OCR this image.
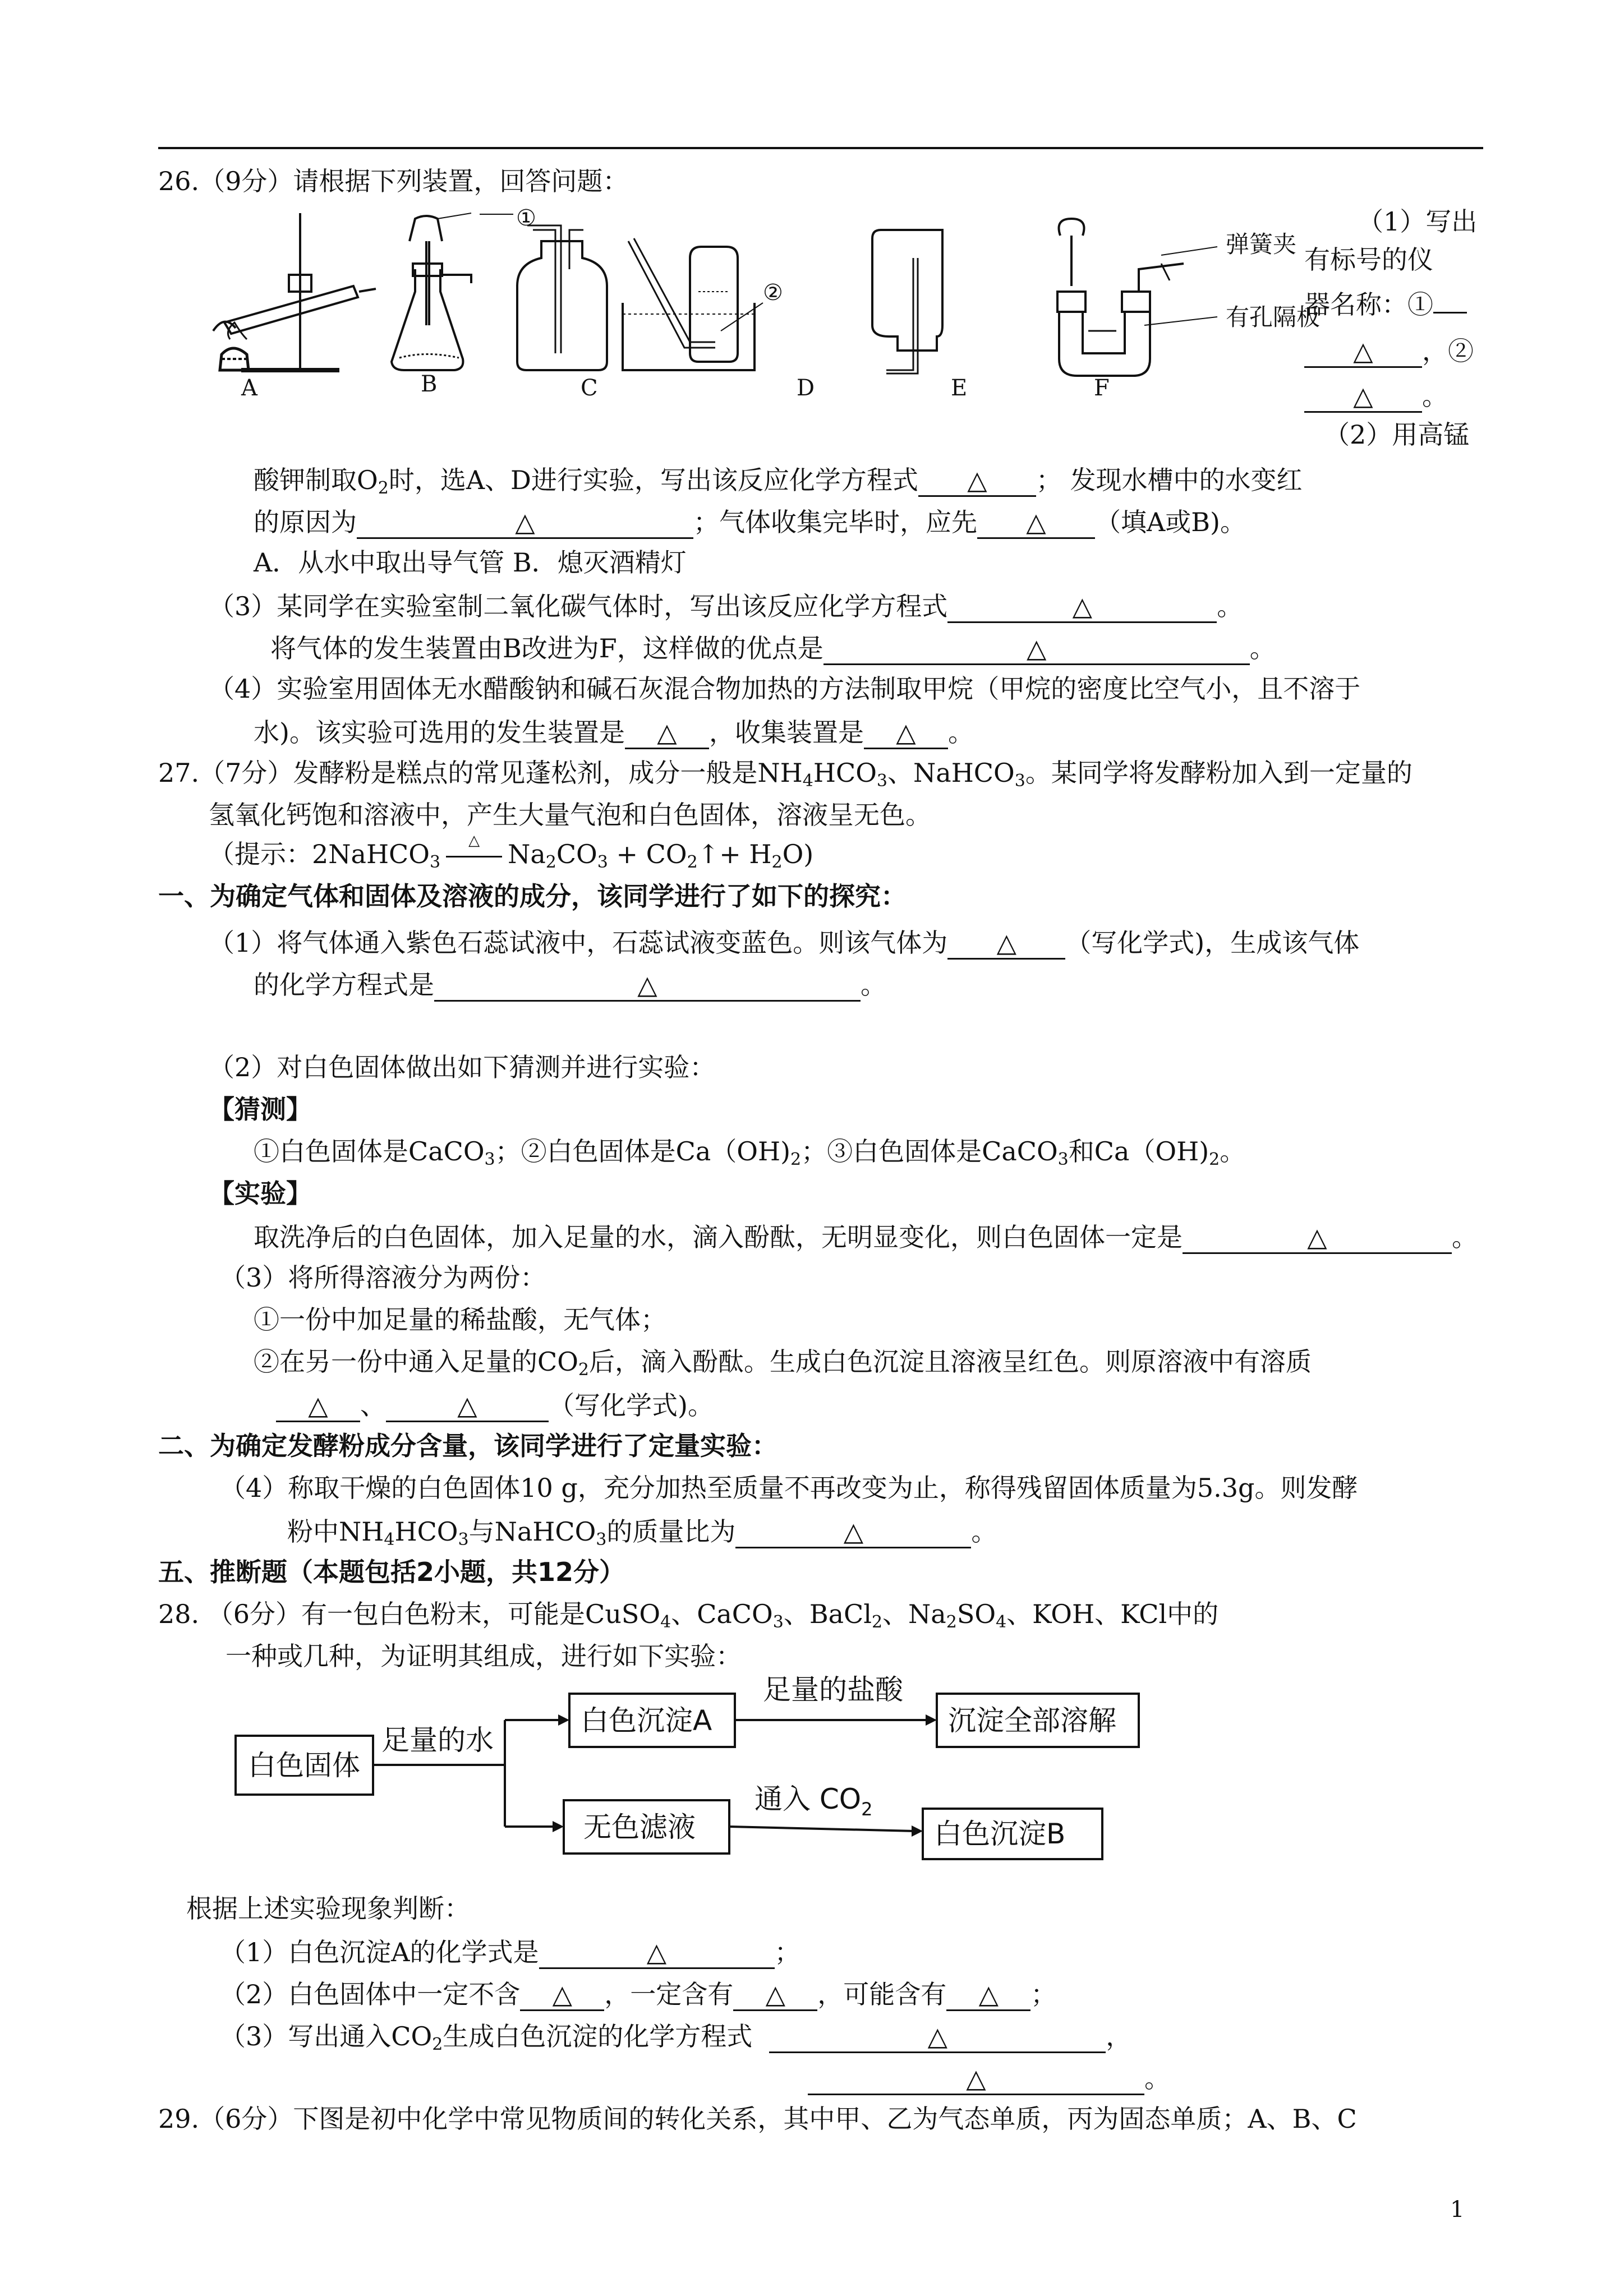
26.（9分）请根据下列装置，回答问题：
①
②
弹簧夹
有孔隔板
A	B	C	D	E	F
（1）写出
有标号的仪
器名称：①
△ ，②
△ 。
（2）用高锰
酸钾制取$O_2$时，选A、D进行实验，写出该反应化学方程式 △ ； 发现水槽中的水变红
的原因为	△	；气体收集完毕时，应先 △ （填A或B)。
A．从水中取出导气管 B．熄灭酒精灯
（3）某同学在实验室制二氧化碳气体时，写出该反应化学方程式	△	。
将气体的发生装置由B改进为F，这样做的优点是	△	。
（4）实验室用固体无水醋酸钠和碱石灰混合物加热的方法制取甲烷（甲烷的密度比空气小，且不溶于
水)。该实验可选用的发生装置是 △ ，收集装置是 △ 。
27.（7分）发酵粉是糕点的常见蓬松剂，成分一般是$NH_4HCO_3$、NaHCO$_3$。某同学将发酵粉加入到一定量的
氢氧化钙饱和溶液中，产生大量气泡和白色固体，溶液呈无色。
（提示：2NaHCO$_3$
△	$Na_2CO_3$ + $CO_2↑+ H_2O$)
一、为确定气体和固体及溶液的成分，该同学进行了如下的探究：
（1）将气体通入紫色石蕊试液中，石蕊试液变蓝色。则该气体为 △ （写化学式)，生成该气体
的化学方程式是	△	。
（2）对白色固体做出如下猜测并进行实验：
【猜测】
①白色固体是CaCO$_3$；②白色固体是$Ca(OH)_2$；③白色固体是CaCO$_3$和$Ca(OH)_2$。
【实验】
取洗净后的白色固体，加入足量的水，滴入酚酞，无明显变化，则白色固体一定是	△	。
（3）将所得溶液分为两份：
①一份中加足量的稀盐酸，无气体；
②在另一份中通入足量的$CO_2$后，滴入酚酞。生成白色沉淀且溶液呈红色。则原溶液中有溶质
△ 、	△	（写化学式)。
二、为确定发酵粉成分含量，该同学进行了定量实验：
（4）称取干燥的白色固体10 g，充分加热至质量不再改变为止，称得残留固体质量为5.3g。则发酵
粉中$NH_4HCO_3$与NaHCO$_3$的质量比为	△	。
五、推断题（本题包括2小题，共12分）
28. （6分）有一包白色粉末，可能是CuSO$_4$、CaCO$_3$、BaCl$_2$、$Na_2SO_4$、KOH、KCl中的
一种或几种，为证明其组成，进行如下实验：
白色固体
足量的水
白色沉淀A
足量的盐酸
沉淀全部溶解
无色滤液
通入 $CO_2$
白色沉淀B
根据上述实验现象判断：
（1）白色沉淀A的化学式是	△	；
（2）白色固体中一定不含 △ ，一定含有 △ ，可能含有 △ ；
（3）写出通入$CO_2$生成白色沉淀的化学方程式	△	，
△	。
29.（6分）下图是初中化学中常见物质间的转化关系，其中甲、乙为气态单质，丙为固态单质；A、B、C
1
